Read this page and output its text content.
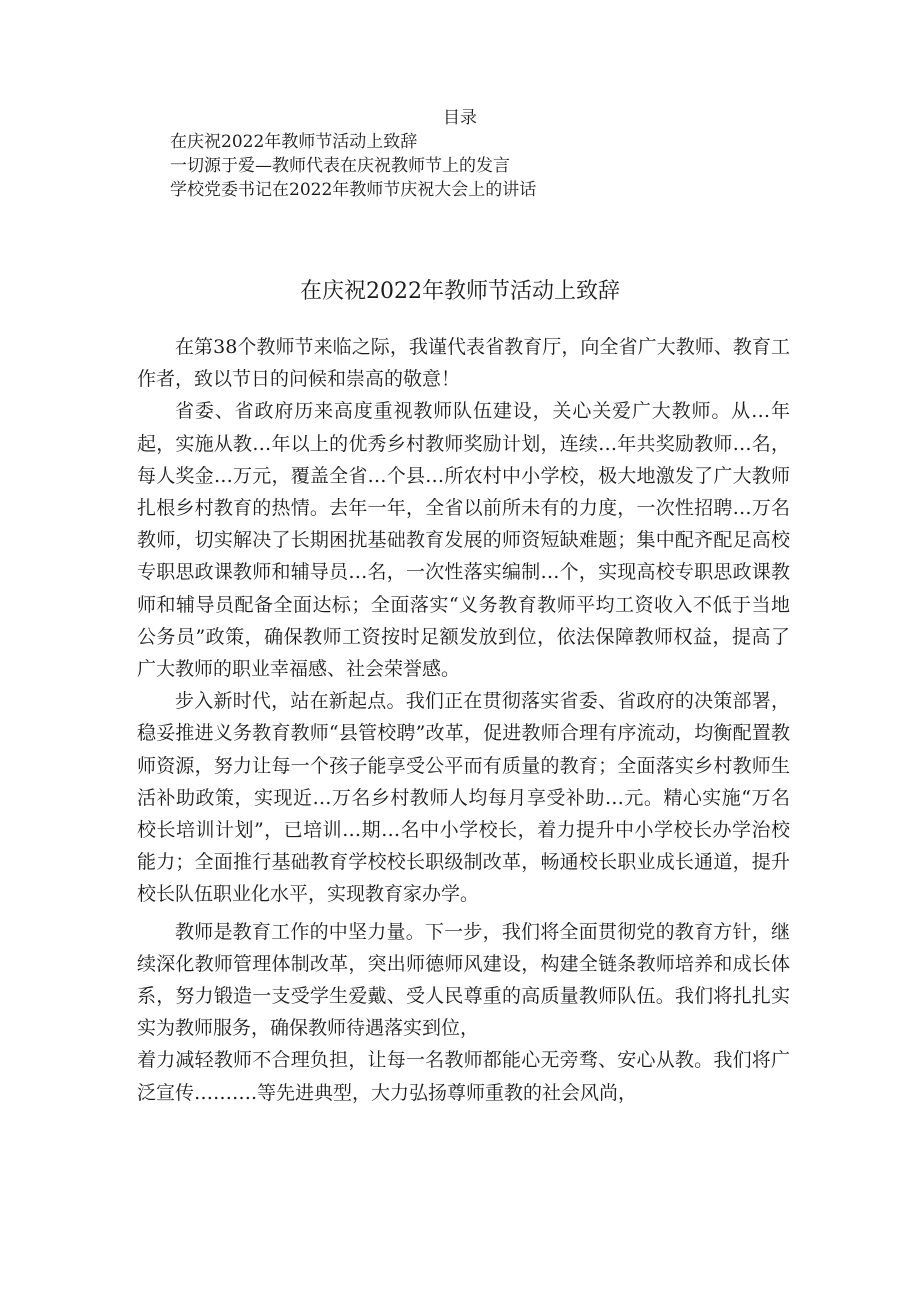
目录
在庆祝2022年教师节活动上致辞
一切源于爱—教师代表在庆祝教师节上的发言
学校党委书记在2022年教师节庆祝大会上的讲话
在庆祝2022年教师节活动上致辞

在第38个教师节来临之际，我谨代表省教育厅，向全省广大教师、教育工作者，致以节日的问候和崇高的敬意！

省委、省政府历来高度重视教师队伍建设，关心关爱广大教师。从…年起，实施从教…年以上的优秀乡村教师奖励计划，连续…年共奖励教师…名，每人奖金…万元，覆盖全省…个县…所农村中小学校，极大地激发了广大教师扎根乡村教育的热情。去年一年，全省以前所未有的力度，一次性招聘…万名教师，切实解决了长期困扰基础教育发展的师资短缺难题；集中配齐配足高校专职思政课教师和辅导员…名，一次性落实编制…个，实现高校专职思政课教师和辅导员配备全面达标；全面落实“义务教育教师平均工资收入不低于当地公务员”政策，确保教师工资按时足额发放到位，依法保障教师权益，提高了广大教师的职业幸福感、社会荣誉感。

步入新时代，站在新起点。我们正在贯彻落实省委、省政府的决策部署，稳妥推进义务教育教师“县管校聘”改革，促进教师合理有序流动，均衡配置教师资源，努力让每一个孩子能享受公平而有质量的教育；全面落实乡村教师生活补助政策，实现近…万名乡村教师人均每月享受补助…元。精心实施“万名校长培训计划”，已培训…期…名中小学校长，着力提升中小学校长办学治校能力；全面推行基础教育学校校长职级制改革，畅通校长职业成长通道，提升校长队伍职业化水平，实现教育家办学。

教师是教育工作的中坚力量。下一步，我们将全面贯彻党的教育方针，继续深化教师管理体制改革，突出师德师风建设，构建全链条教师培养和成长体系，努力锻造一支受学生爱戴、受人民尊重的高质量教师队伍。我们将扎扎实实为教师服务，确保教师待遇落实到位，

着力减轻教师不合理负担，让每一名教师都能心无旁骛、安心从教。我们将广泛宣传……….等先进典型，大力弘扬尊师重教的社会风尚，
